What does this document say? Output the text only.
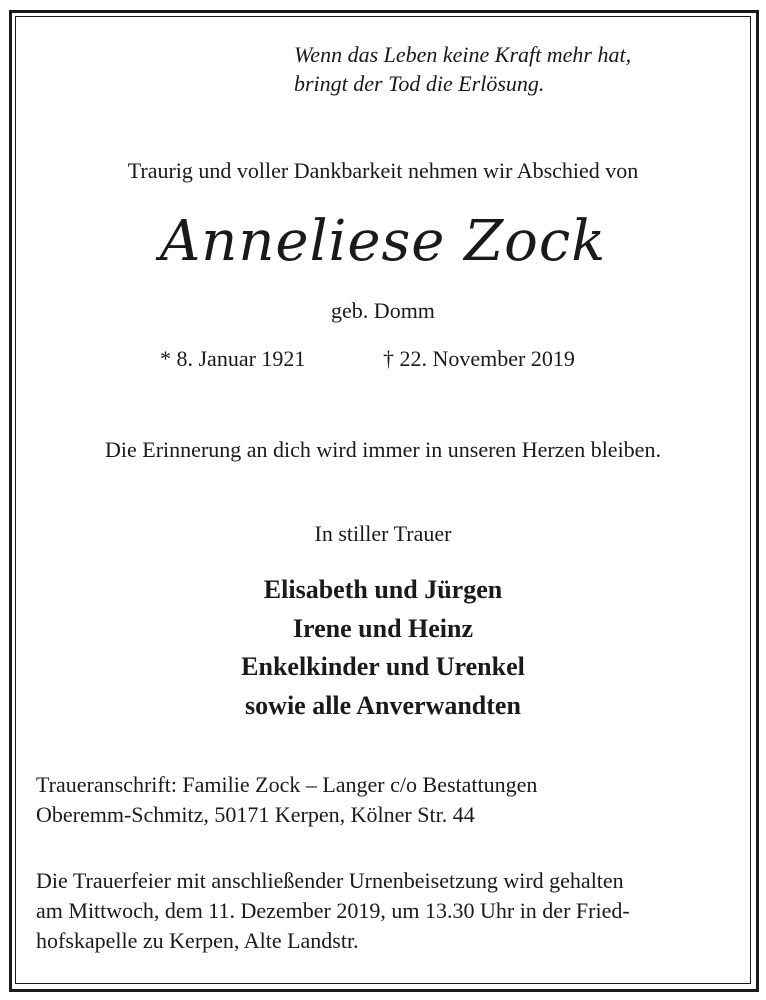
Wenn das Leben keine Kraft mehr hat,
bringt der Tod die Erlösung.
Traurig und voller Dankbarkeit nehmen wir Abschied von
Anneliese Zock
geb. Domm
* 8. Januar 1921	† 22. November 2019
Die Erinnerung an dich wird immer in unseren Herzen bleiben.
In stiller Trauer
Elisabeth und Jürgen
Irene und Heinz
Enkelkinder und Urenkel
sowie alle Anverwandten
Traueranschrift: Familie Zock – Langer c/o Bestattungen
Oberemm-Schmitz, 50171 Kerpen, Kölner Str. 44
Die Trauerfeier mit anschließender Urnenbeisetzung wird gehalten
am Mittwoch, dem 11. Dezember 2019, um 13.30 Uhr in der Fried-
hofskapelle zu Kerpen, Alte Landstr.
